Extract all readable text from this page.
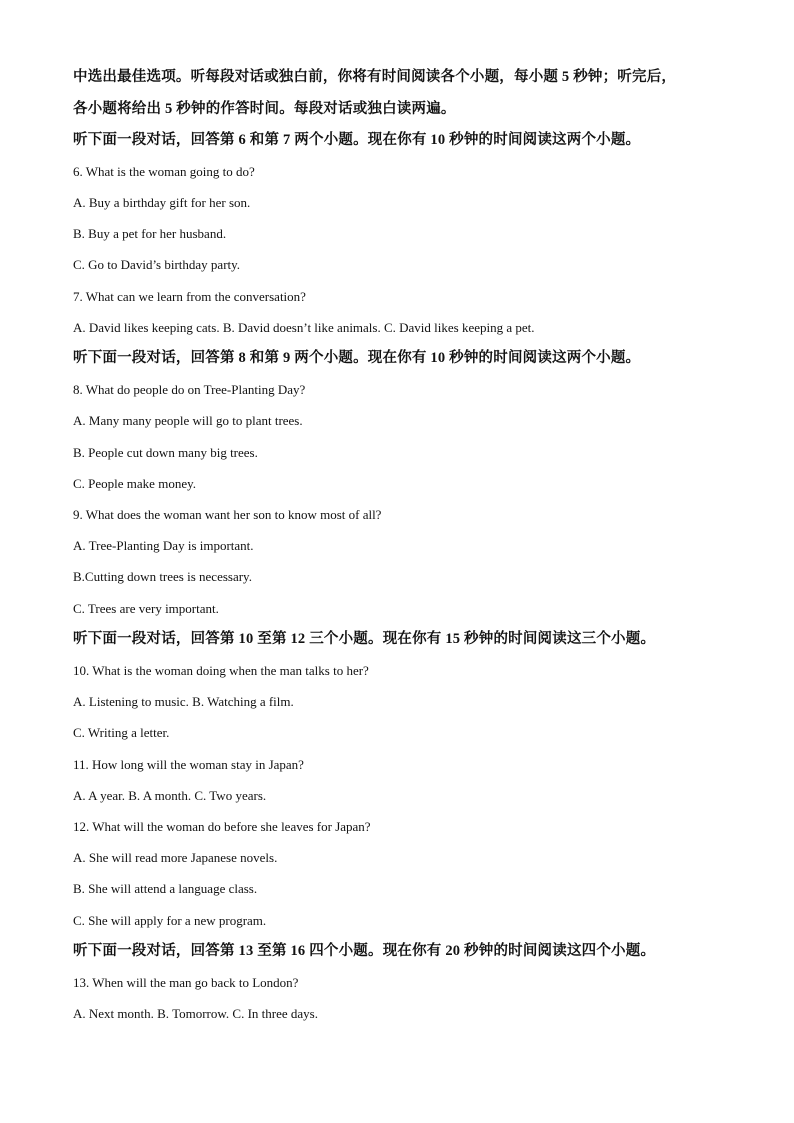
中选出最佳选项。听每段对话或独白前，你将有时间阅读各个小题，每小题 5 秒钟；听完后，
各小题将给出 5 秒钟的作答时间。每段对话或独白读两遍。
听下面一段对话，回答第 6 和第 7 两个小题。现在你有 10 秒钟的时间阅读这两个小题。
6. What is the woman going to do?
A. Buy a birthday gift for her son.
B. Buy a pet for her husband.
C. Go to David’s birthday party.
7. What can we learn from the conversation?
A. David likes keeping cats. B. David doesn’t like animals. C. David likes keeping a pet.
听下面一段对话，回答第 8 和第 9 两个小题。现在你有 10 秒钟的时间阅读这两个小题。
8. What do people do on Tree-Planting Day?
A. Many many people will go to plant trees.
B. People cut down many big trees.
C. People make money.
9. What does the woman want her son to know most of all?
A. Tree-Planting Day is important.
B.Cutting down trees is necessary.
C. Trees are very important.
听下面一段对话，回答第 10 至第 12 三个小题。现在你有 15 秒钟的时间阅读这三个小题。
10. What is the woman doing when the man talks to her?
A. Listening to music. B. Watching a film.
C. Writing a letter.
11. How long will the woman stay in Japan?
A. A year. B. A month. C. Two years.
12. What will the woman do before she leaves for Japan?
A. She will read more Japanese novels.
B. She will attend a language class.
C. She will apply for a new program.
听下面一段对话，回答第 13 至第 16 四个小题。现在你有 20 秒钟的时间阅读这四个小题。
13. When will the man go back to London?
A. Next month. B. Tomorrow. C. In three days.
